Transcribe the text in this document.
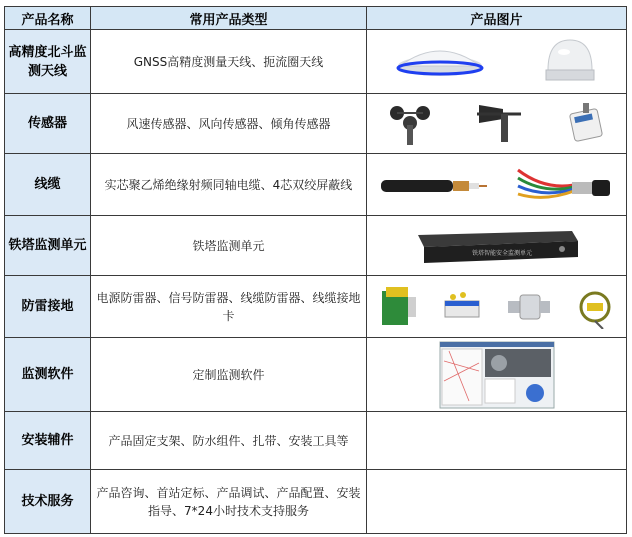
产品名称	常用产品类型	产品图片
高精度北斗监
测天线	GNSS高精度测量天线、扼流圈天线	

传感器	风速传感器、风向传感器、倾角传感器	

线缆	实芯聚乙烯绝缘射频同轴电缆、4芯双绞屏蔽线	

铁塔监测单元	铁塔监测单元	铁塔智能安全监测单元

防雷接地	电源防雷器、信号防雷器、线缆防雷器、线缆接地卡	

监测软件	定制监测软件	

安装辅件	产品固定支架、防水组件、扎带、安装工具等	
技术服务	产品咨询、首站定标、产品调试、产品配置、安装指导、7*24小时技术支持服务	
